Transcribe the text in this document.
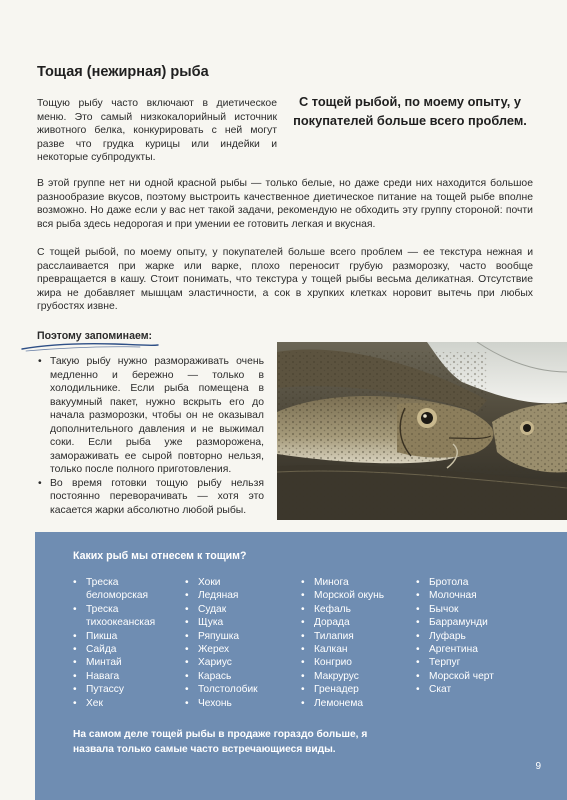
Тощая (нежирная) рыба

Тощую рыбу часто включают в диетическое меню. Это самый низкокалорийный источник животного белка, конкурировать с ней могут разве что грудка курицы или индейки и некоторые субпродукты.

С тощей рыбой, по моему опыту, у покупателей больше всего проблем.

В этой группе нет ни одной красной рыбы — только белые, но даже среди них находится большое разнообразие вкусов, поэтому выстроить качественное диетическое питание на тощей рыбе вполне возможно. Но даже если у вас нет такой задачи, рекомендую не обходить эту группу стороной: почти вся рыба здесь недорогая и при умении ее готовить легкая и вкусная.

С тощей рыбой, по моему опыту, у покупателей больше всего проблем — ее текстура нежная и расслаивается при жарке или варке, плохо переносит грубую разморозку, часто вообще превращается в кашу. Стоит понимать, что текстура у тощей рыбы весьма деликатная. Отсутствие жира не добавляет мышцам эластичности, а сок в хрупких клетках норовит вытечь при любых грубостях извне.

Поэтому запоминаем:
• Такую рыбу нужно размораживать очень медленно и бережно — только в холодильнике. Если рыба помещена в вакуумный пакет, нужно вскрыть его до начала разморозки, чтобы он не оказывал дополнительного давления и не выжимал соки. Если рыба уже разморожена, замораживать ее сырой повторно нельзя, только после полного приготовления.
• Во время готовки тощую рыбу нельзя постоянно переворачивать — хотя это касается жарки абсолютно любой рыбы.
Каких рыб мы отнесем к тощим?
• Треска беломорская
• Треска тихоокеанская
• Пикша
• Сайда
• Минтай
• Навага
• Путассу
• Хек
• Хоки
• Ледяная
• Судак
• Щука
• Ряпушка
• Жерех
• Хариус
• Карась
• Толстолобик
• Чехонь
• Минога
• Морской окунь
• Кефаль
• Дорада
• Тилапия
• Калкан
• Конгрио
• Макрурус
• Гренадер
• Лемонема
• Бротола
• Молочная
• Бычок
• Баррамунди
• Луфарь
• Аргентина
• Терпуг
• Морской черт
• Скат

На самом деле тощей рыбы в продаже гораздо больше, я назвала только самые часто встречающиеся виды.

9
